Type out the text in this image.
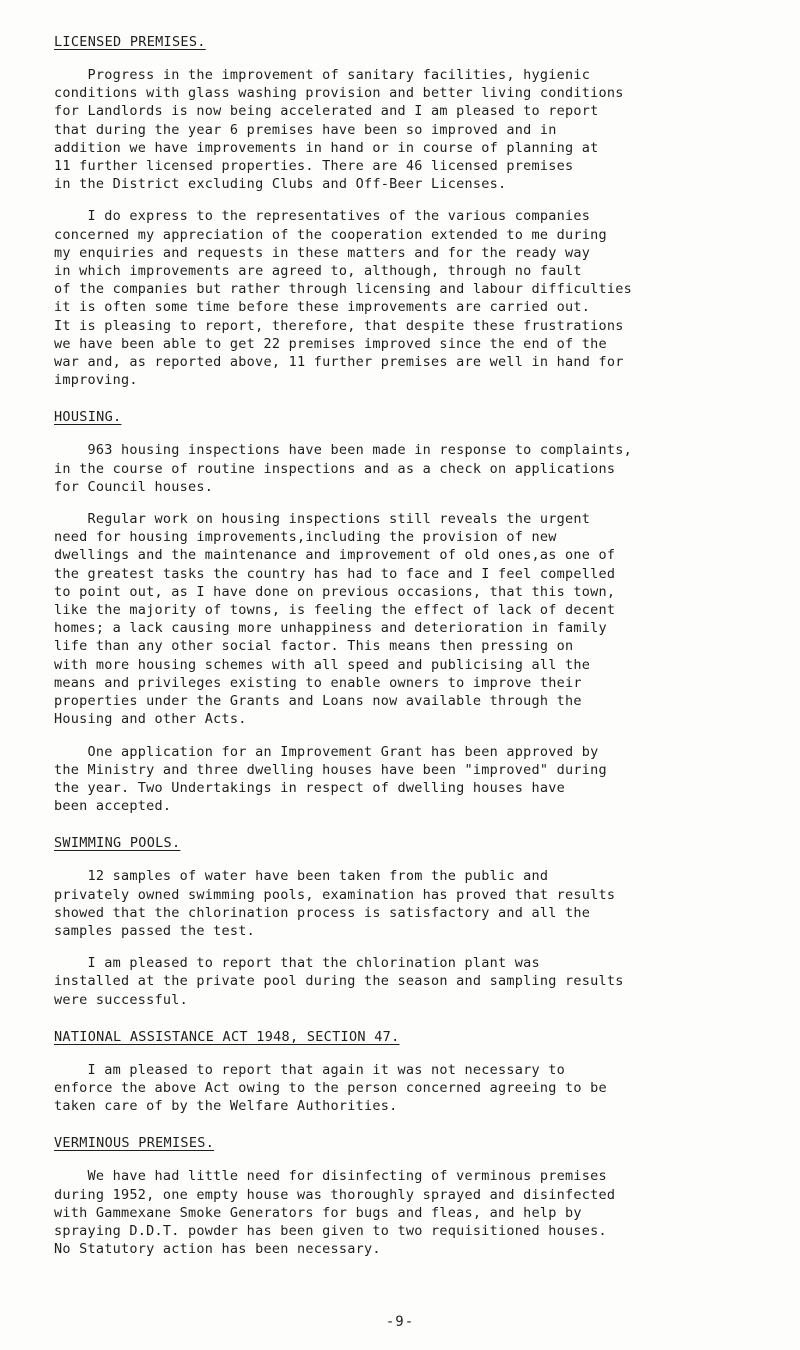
LICENSED PREMISES.
Progress in the improvement of sanitary facilities, hygienic
conditions with glass washing provision and better living conditions
for Landlords is now being accelerated and I am pleased to report
that during the year 6 premises have been so improved and in
addition we have improvements in hand or in course of planning at
11 further licensed properties. There are 46 licensed premises
in the District excluding Clubs and Off-Beer Licenses.
I do express to the representatives of the various companies
concerned my appreciation of the cooperation extended to me during
my enquiries and requests in these matters and for the ready way
in which improvements are agreed to, although, through no fault
of the companies but rather through licensing and labour difficulties
it is often some time before these improvements are carried out.
It is pleasing to report, therefore, that despite these frustrations
we have been able to get 22 premises improved since the end of the
war and, as reported above, 11 further premises are well in hand for
improving.
HOUSING.
963 housing inspections have been made in response to complaints,
in the course of routine inspections and as a check on applications
for Council houses.
Regular work on housing inspections still reveals the urgent
need for housing improvements,including the provision of new
dwellings and the maintenance and improvement of old ones,as one of
the greatest tasks the country has had to face and I feel compelled
to point out, as I have done on previous occasions, that this town,
like the majority of towns, is feeling the effect of lack of decent
homes; a lack causing more unhappiness and deterioration in family
life than any other social factor. This means then pressing on
with more housing schemes with all speed and publicising all the
means and privileges existing to enable owners to improve their
properties under the Grants and Loans now available through the
Housing and other Acts.
One application for an Improvement Grant has been approved by
the Ministry and three dwelling houses have been "improved" during
the year. Two Undertakings in respect of dwelling houses have
been accepted.
SWIMMING POOLS.
12 samples of water have been taken from the public and
privately owned swimming pools, examination has proved that results
showed that the chlorination process is satisfactory and all the
samples passed the test.
I am pleased to report that the chlorination plant was
installed at the private pool during the season and sampling results
were successful.
NATIONAL ASSISTANCE ACT 1948, SECTION 47.
I am pleased to report that again it was not necessary to
enforce the above Act owing to the person concerned agreeing to be
taken care of by the Welfare Authorities.
VERMINOUS PREMISES.
We have had little need for disinfecting of verminous premises
during 1952, one empty house was thoroughly sprayed and disinfected
with Gammexane Smoke Generators for bugs and fleas, and help by
spraying D.D.T. powder has been given to two requisitioned houses.
No Statutory action has been necessary.
-9-
